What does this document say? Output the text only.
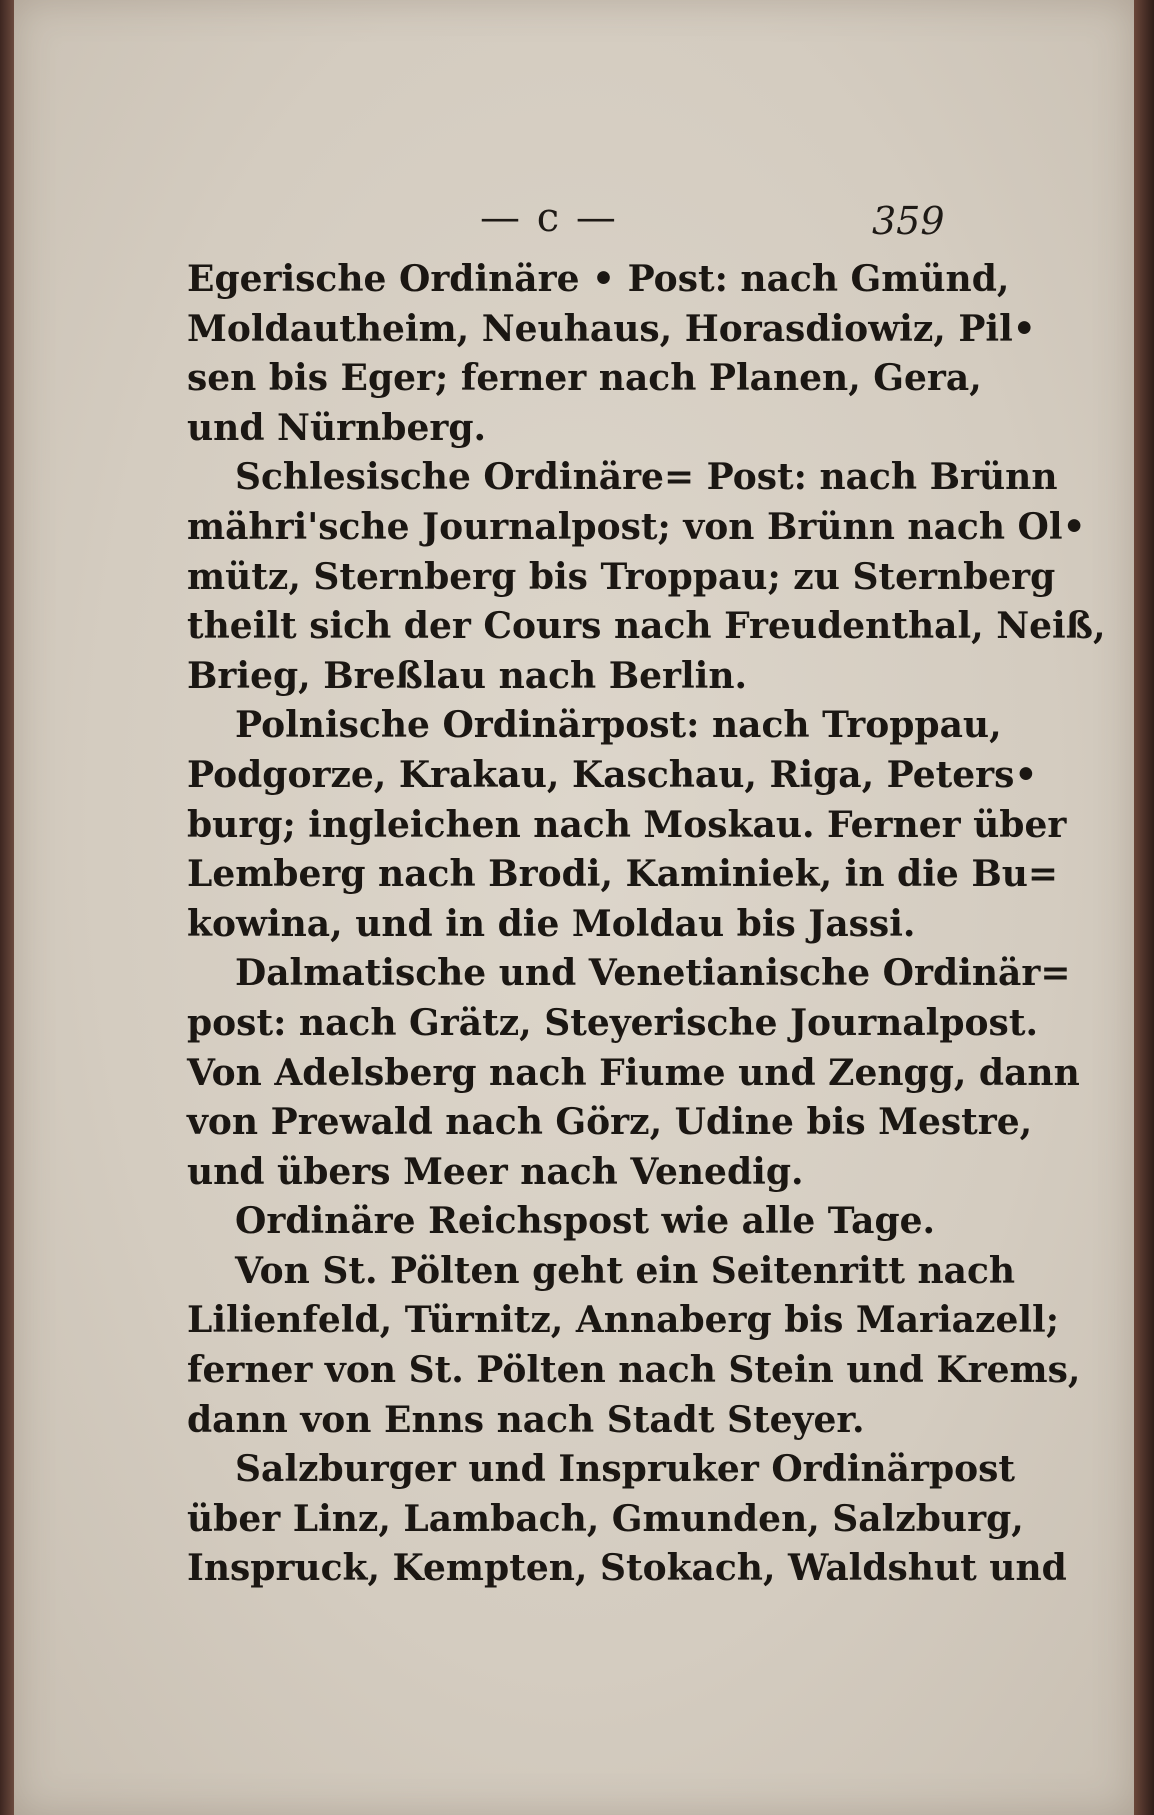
— c —	359
Egerische Ordinäre • Post: nach Gmünd,
Moldautheim, Neuhaus, Horasdiowiz, Pil•
sen bis Eger; ferner nach Planen, Gera,
und Nürnberg.
Schlesische Ordinäre= Post: nach Brünn
mähri'sche Journalpost; von Brünn nach Ol•
mütz, Sternberg bis Troppau; zu Sternberg
theilt sich der Cours nach Freudenthal, Neiß,
Brieg, Breßlau nach Berlin.
Polnische Ordinärpost: nach Troppau,
Podgorze, Krakau, Kaschau, Riga, Peters•
burg; ingleichen nach Moskau. Ferner über
Lemberg nach Brodi, Kaminiek, in die Bu=
kowina, und in die Moldau bis Jassi.
Dalmatische und Venetianische Ordinär=
post: nach Grätz, Steyerische Journalpost.
Von Adelsberg nach Fiume und Zengg, dann
von Prewald nach Görz, Udine bis Mestre,
und übers Meer nach Venedig.
Ordinäre Reichspost wie alle Tage.
Von St. Pölten geht ein Seitenritt nach
Lilienfeld, Türnitz, Annaberg bis Mariazell;
ferner von St. Pölten nach Stein und Krems,
dann von Enns nach Stadt Steyer.
Salzburger und Inspruker Ordinärpost
über Linz, Lambach, Gmunden, Salzburg,
Inspruck, Kempten, Stokach, Waldshut und
